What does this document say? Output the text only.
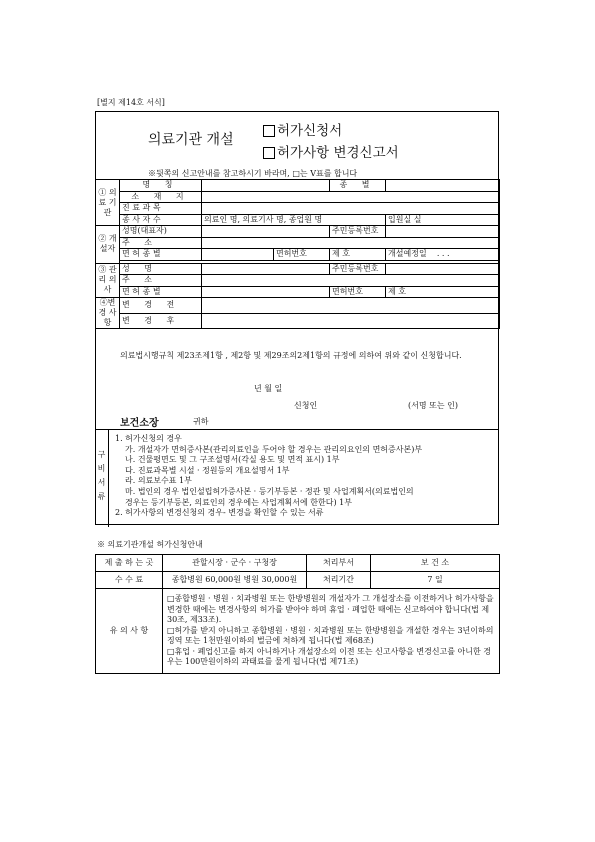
[별지 제14호 서식]
의료기관 개설
허가신청서
허가사항 변경신고서
※뒷쪽의 신고안내를 참고하시기 바라며, □는 V표를 합니다
① 의료 기관	명 칭			종 별	
	소 재 지				
	진 료 과 목				
	종 사 자 수	의료인 명, 의료기사 명, 종업원 명			입원실 실
② 개설자	성명(대표자)			주민등록번호	
	주 소				
	면 허 종 별		면허번호	제 호	개설예정일 . . .

③ 관리 의사	성 명			주민등록번호	
	주 소				
	면 허 종 별			면허번호	제 호
④변경 사항	변 경 전				
	변 경 후				
의료법시행규칙 제23조제1항 , 제2항 및 제29조의2제1항의 규정에 의하여 위와 같이 신청합니다.
년 월 일
신청인	(서명 또는 인)
보건소장	귀하
구 비 서 류
1. 허가신청의 경우
가. 개설자가 면허증사본(관리의료인을 두어야 할 경우는 관리의요인의 면허증사본)부
나. 건물평면도 및 그 구조설명서(각실 용도 및 면적 표시) 1부
다. 진료과목별 시설 · 정원등의 개요설명서 1부
라. 의료보수표 1부
마. 법인의 경우 법인설립허가증사본 · 등기부등본 · 정관 및 사업계획서(의료법인의
경우는 등기부등본, 의료인의 경우에는 사업계획서에 한한다) 1부
2. 허가사항의 변경신청의 경우- 변경을 확인할 수 있는 서류
※ 의료기관개설 허가신청안내
제 출 하 는 곳	관할시장 · 군수 · 구청장	처리부서	보 건 소
수 수 료	종합병원 60,000원 병원 30,000원	처리기간	7 일
유 의 사 항	□종합병원 · 병원 · 치과병원 또는 한방병원의 개설자가 그 개설장소를 이전하거나 허가사항을 변경한 때에는 변경사항의 허가를 받아야 하며 휴업 · 폐업한 때에는 신고하여야 합니다(법 제30조, 제33조).
□허가를 받지 아니하고 종합병원 · 병원 · 치과병원 또는 한방병원을 개설한 경우는 3년이하의 징역 또는 1천만원이하의 벌금에 처하게 됩니다(법 제68조)
□휴업 · 폐업신고를 하지 아니하거나 개설장소의 이전 또는 신고사항을 변경신고를 아니한 경우는 100만원이하의 과태료를 물게 됩니다(법 제71조)		
